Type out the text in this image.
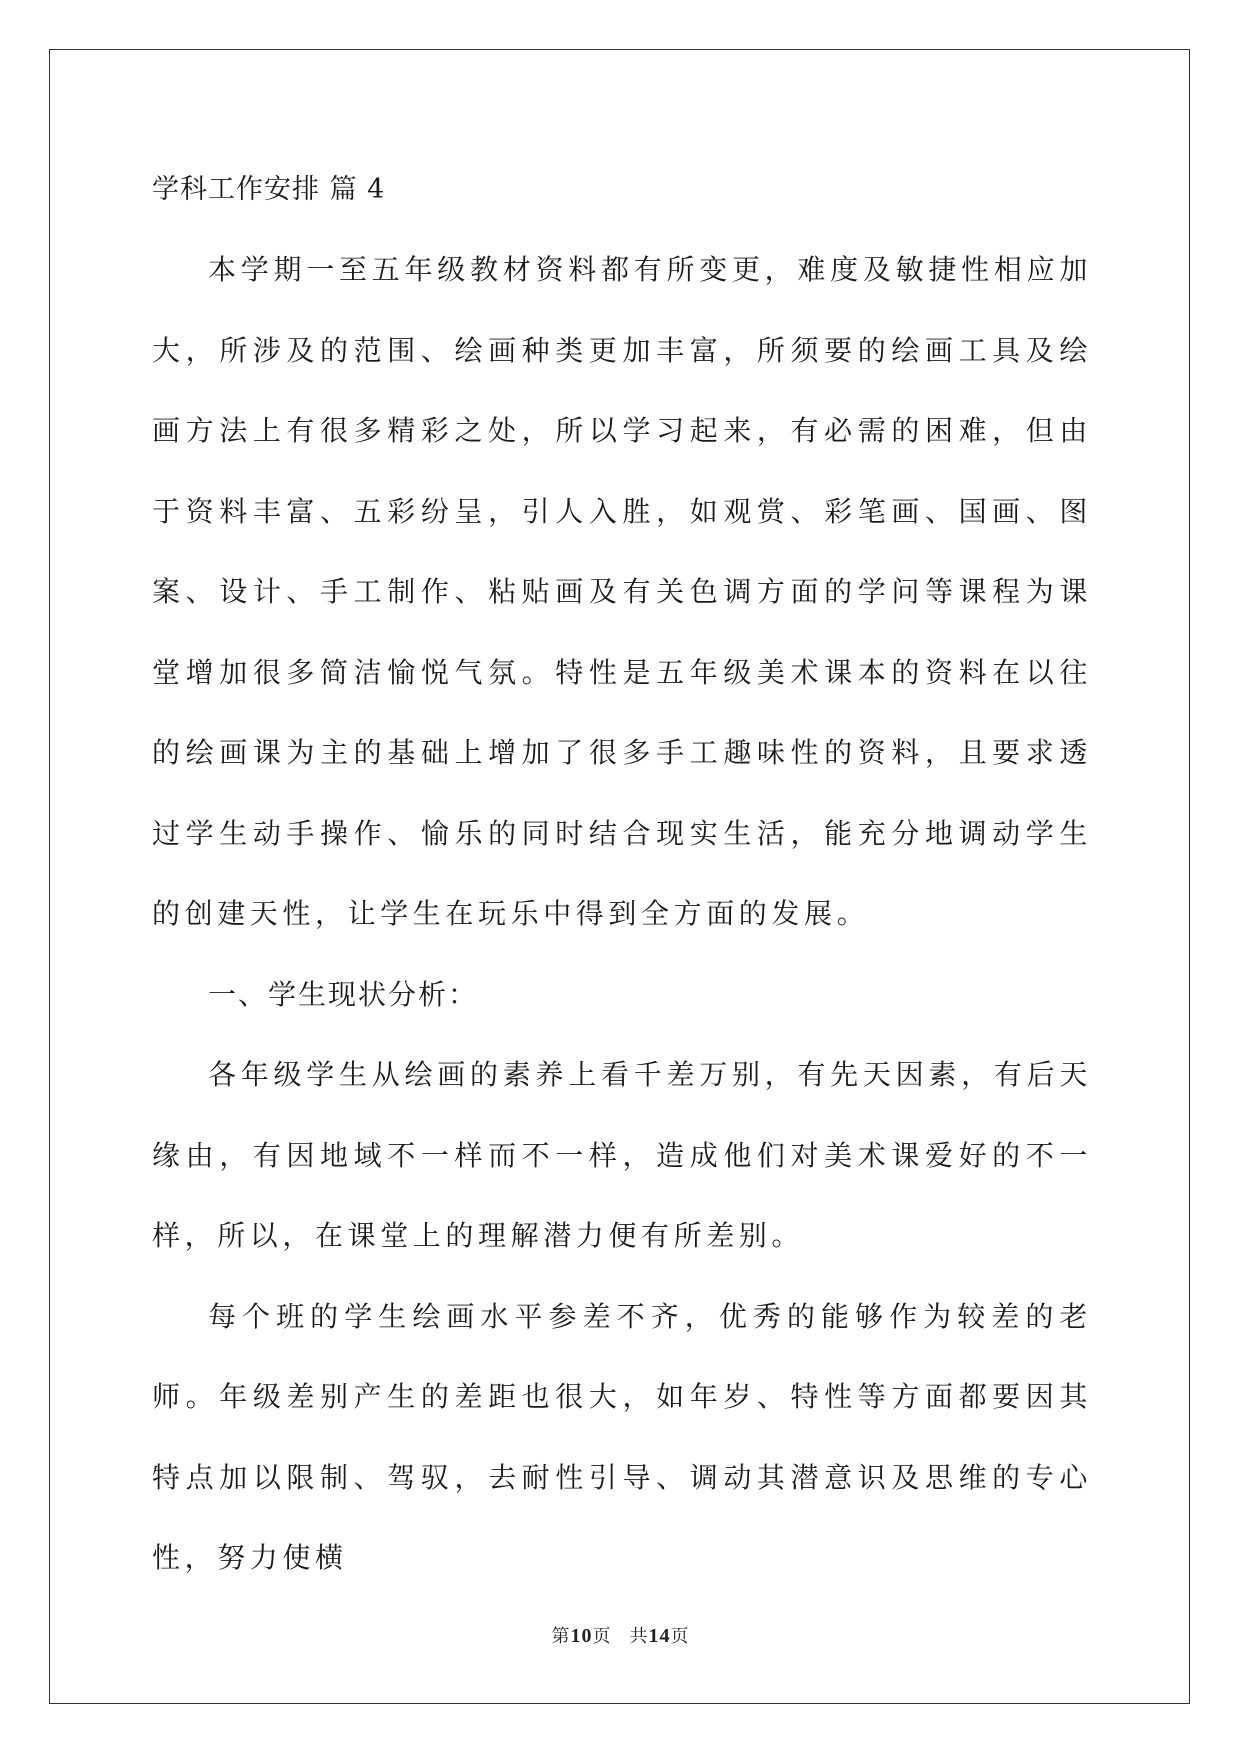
学科工作安排 篇 4

本学期一至五年级教材资料都有所变更，难度及敏捷性相应加大，所涉及的范围、绘画种类更加丰富，所须要的绘画工具及绘画方法上有很多精彩之处，所以学习起来，有必需的困难，但由于资料丰富、五彩纷呈，引人入胜，如观赏、彩笔画、国画、图案、设计、手工制作、粘贴画及有关色调方面的学问等课程为课堂增加很多简洁愉悦气氛。特性是五年级美术课本的资料在以往的绘画课为主的基础上增加了很多手工趣味性的资料，且要求透过学生动手操作、愉乐的同时结合现实生活，能充分地调动学生的创建天性，让学生在玩乐中得到全方面的发展。

一、学生现状分析：

各年级学生从绘画的素养上看千差万别，有先天因素，有后天缘由，有因地域不一样而不一样，造成他们对美术课爱好的不一样，所以，在课堂上的理解潜力便有所差别。

每个班的学生绘画水平参差不齐，优秀的能够作为较差的老师。年级差别产生的差距也很大，如年岁、特性等方面都要因其特点加以限制、驾驭，去耐性引导、调动其潜意识及思维的专心性，努力使横

第10页 共14页
